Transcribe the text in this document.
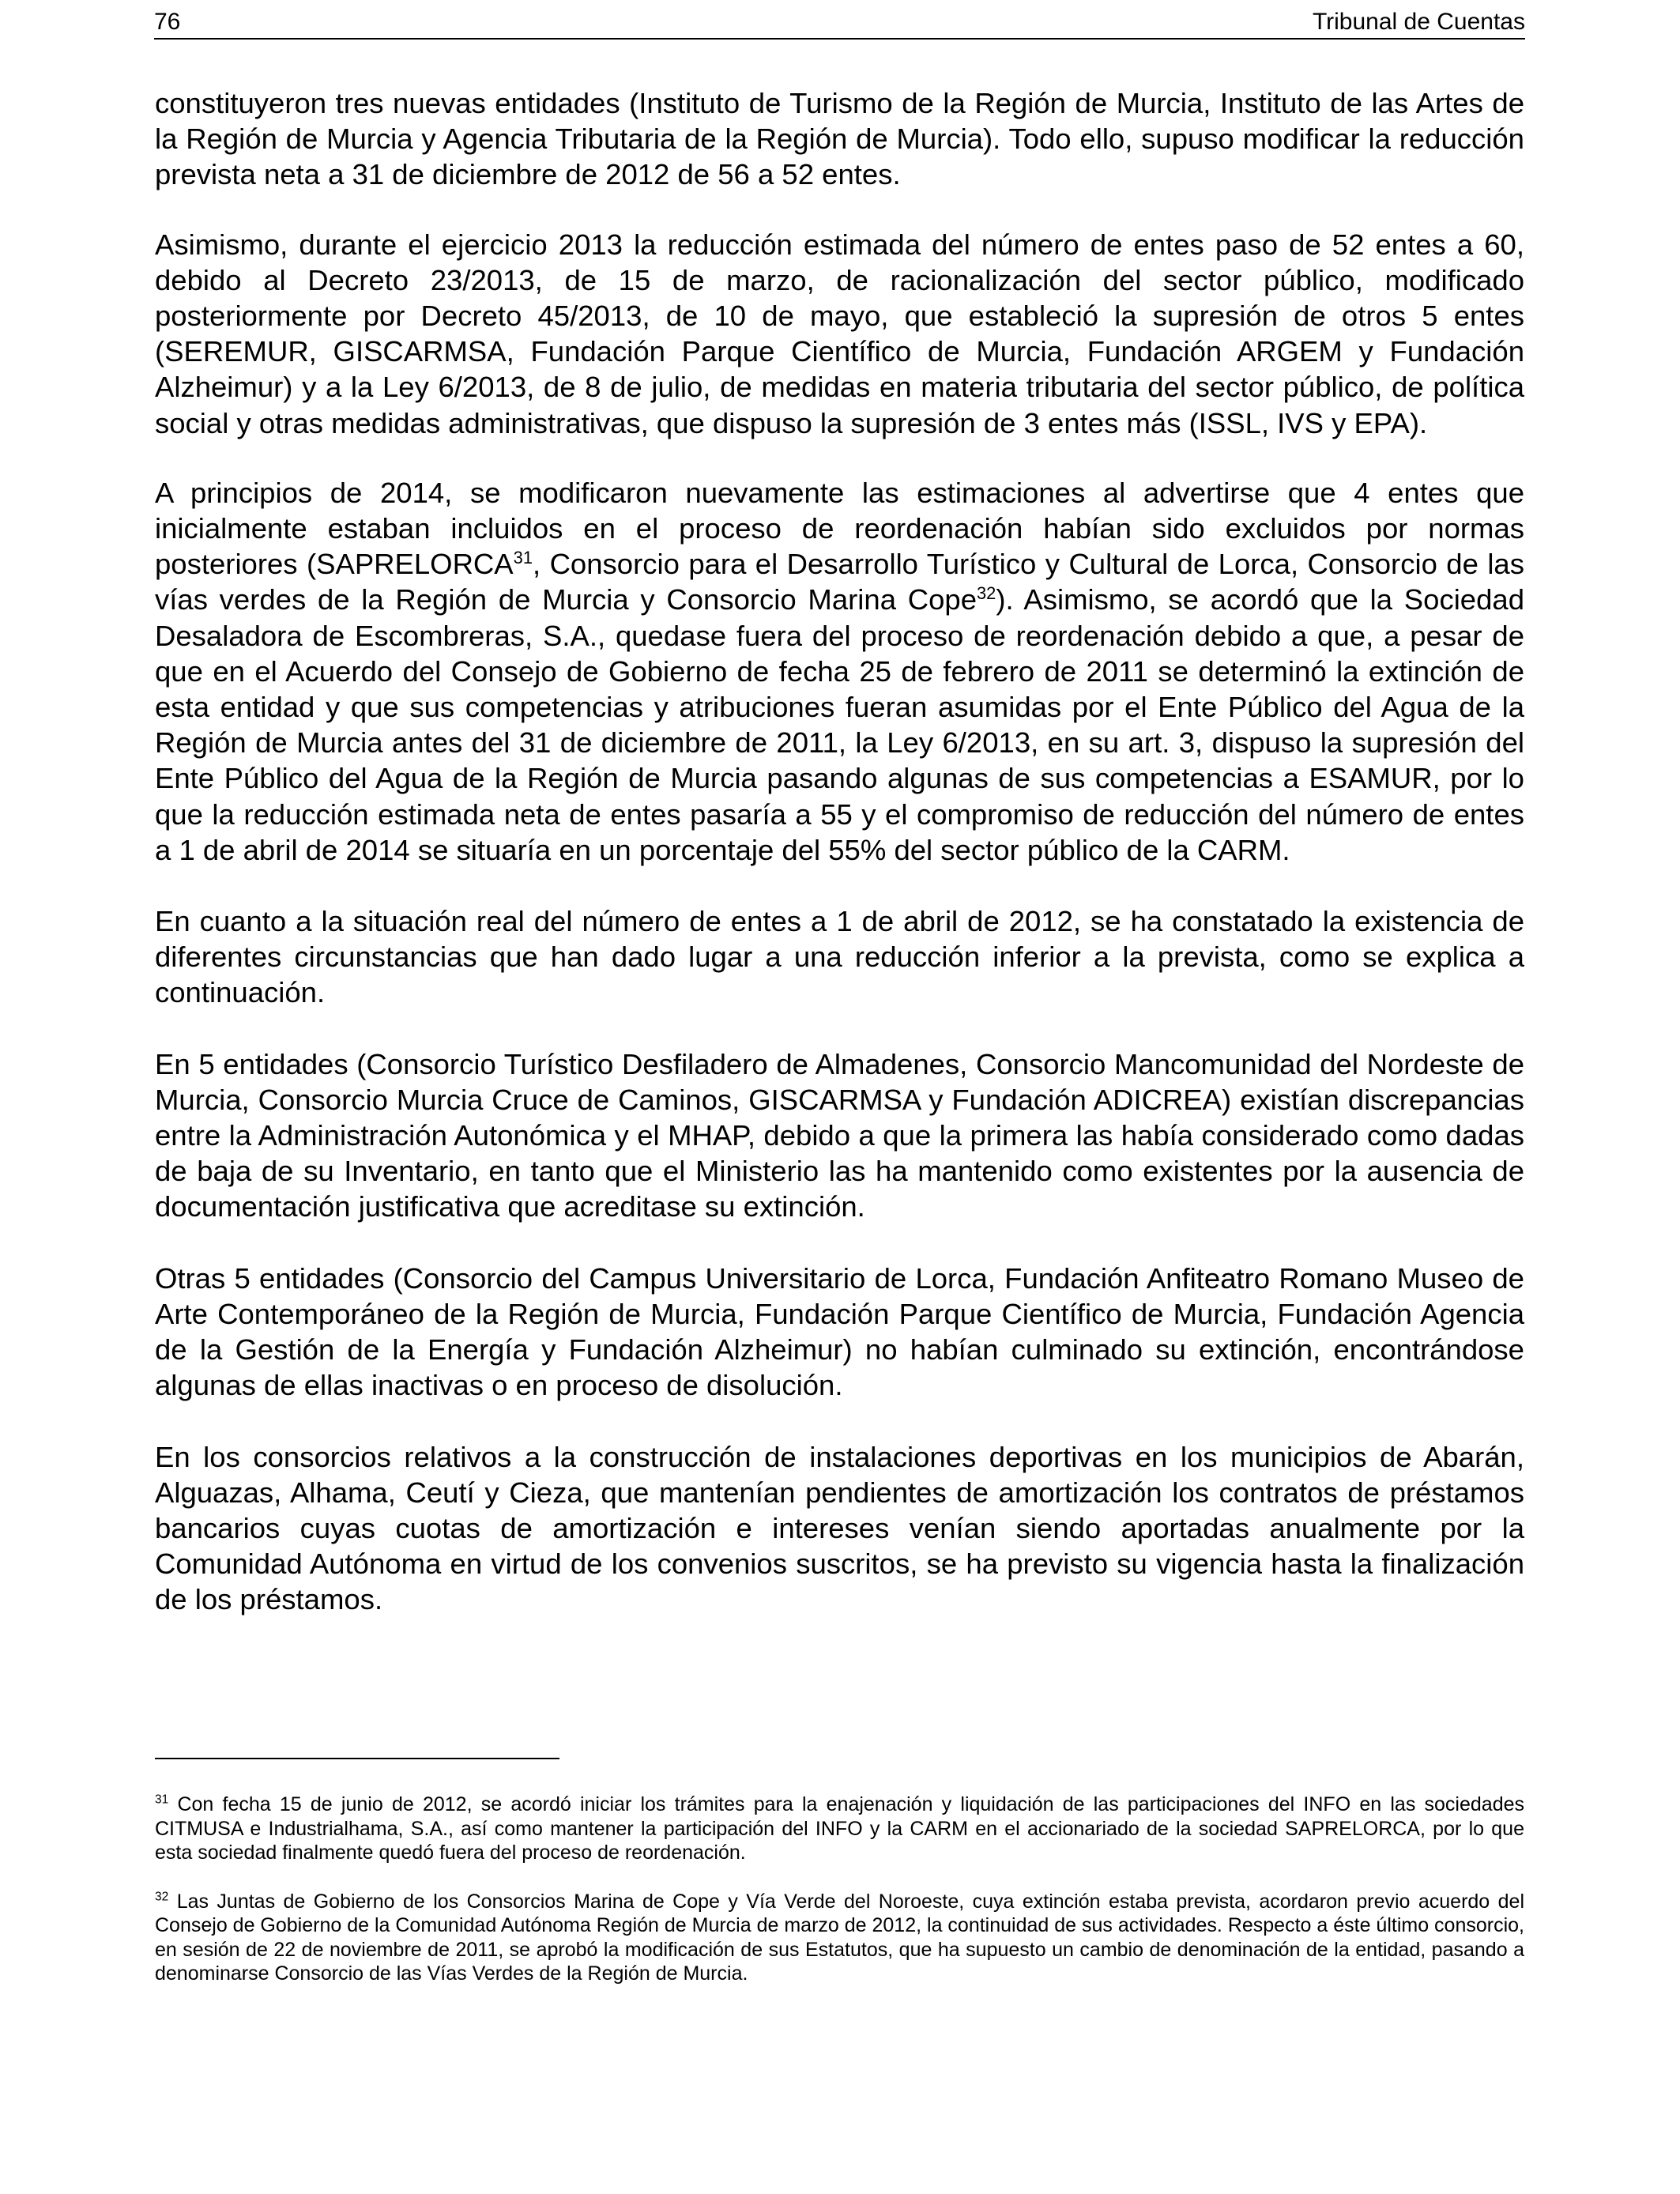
76	Tribunal de Cuentas

constituyeron tres nuevas entidades (Instituto de Turismo de la Región de Murcia, Instituto de las Artes de la Región de Murcia y Agencia Tributaria de la Región de Murcia). Todo ello, supuso modificar la reducción prevista neta a 31 de diciembre de 2012 de 56 a 52 entes.

Asimismo, durante el ejercicio 2013 la reducción estimada del número de entes paso de 52 entes a 60, debido al Decreto 23/2013, de 15 de marzo, de racionalización del sector público, modificado posteriormente por Decreto 45/2013, de 10 de mayo, que estableció la supresión de otros 5 entes (SEREMUR, GISCARMSA, Fundación Parque Científico de Murcia, Fundación ARGEM y Fundación Alzheimur) y a la Ley 6/2013, de 8 de julio, de medidas en materia tributaria del sector público, de política social y otras medidas administrativas, que dispuso la supresión de 3 entes más (ISSL, IVS y EPA).

A principios de 2014, se modificaron nuevamente las estimaciones al advertirse que 4 entes que inicialmente estaban incluidos en el proceso de reordenación habían sido excluidos por normas posteriores (SAPRELORCA$^{31}$, Consorcio para el Desarrollo Turístico y Cultural de Lorca, Consorcio de las vías verdes de la Región de Murcia y Consorcio Marina Cope$^{32}$). Asimismo, se acordó que la Sociedad Desaladora de Escombreras, S.A., quedase fuera del proceso de reordenación debido a que, a pesar de que en el Acuerdo del Consejo de Gobierno de fecha 25 de febrero de 2011 se determinó la extinción de esta entidad y que sus competencias y atribuciones fueran asumidas por el Ente Público del Agua de la Región de Murcia antes del 31 de diciembre de 2011, la Ley 6/2013, en su art. 3, dispuso la supresión del Ente Público del Agua de la Región de Murcia pasando algunas de sus competencias a ESAMUR, por lo que la reducción estimada neta de entes pasaría a 55 y el compromiso de reducción del número de entes a 1 de abril de 2014 se situaría en un porcentaje del 55% del sector público de la CARM.

En cuanto a la situación real del número de entes a 1 de abril de 2012, se ha constatado la existencia de diferentes circunstancias que han dado lugar a una reducción inferior a la prevista, como se explica a continuación.

En 5 entidades (Consorcio Turístico Desfiladero de Almadenes, Consorcio Mancomunidad del Nordeste de Murcia, Consorcio Murcia Cruce de Caminos, GISCARMSA y Fundación ADICREA) existían discrepancias entre la Administración Autonómica y el MHAP, debido a que la primera las había considerado como dadas de baja de su Inventario, en tanto que el Ministerio las ha mantenido como existentes por la ausencia de documentación justificativa que acreditase su extinción.

Otras 5 entidades (Consorcio del Campus Universitario de Lorca, Fundación Anfiteatro Romano Museo de Arte Contemporáneo de la Región de Murcia, Fundación Parque Científico de Murcia, Fundación Agencia de la Gestión de la Energía y Fundación Alzheimur) no habían culminado su extinción, encontrándose algunas de ellas inactivas o en proceso de disolución.

En los consorcios relativos a la construcción de instalaciones deportivas en los municipios de Abarán, Alguazas, Alhama, Ceutí y Cieza, que mantenían pendientes de amortización los contratos de préstamos bancarios cuyas cuotas de amortización e intereses venían siendo aportadas anualmente por la Comunidad Autónoma en virtud de los convenios suscritos, se ha previsto su vigencia hasta la finalización de los préstamos.

$^{31}$ Con fecha 15 de junio de 2012, se acordó iniciar los trámites para la enajenación y liquidación de las participaciones del INFO en las sociedades CITMUSA e Industrialhama, S.A., así como mantener la participación del INFO y la CARM en el accionariado de la sociedad SAPRELORCA, por lo que esta sociedad finalmente quedó fuera del proceso de reordenación.

$^{32}$ Las Juntas de Gobierno de los Consorcios Marina de Cope y Vía Verde del Noroeste, cuya extinción estaba prevista, acordaron previo acuerdo del Consejo de Gobierno de la Comunidad Autónoma Región de Murcia de marzo de 2012, la continuidad de sus actividades. Respecto a éste último consorcio, en sesión de 22 de noviembre de 2011, se aprobó la modificación de sus Estatutos, que ha supuesto un cambio de denominación de la entidad, pasando a denominarse Consorcio de las Vías Verdes de la Región de Murcia.
